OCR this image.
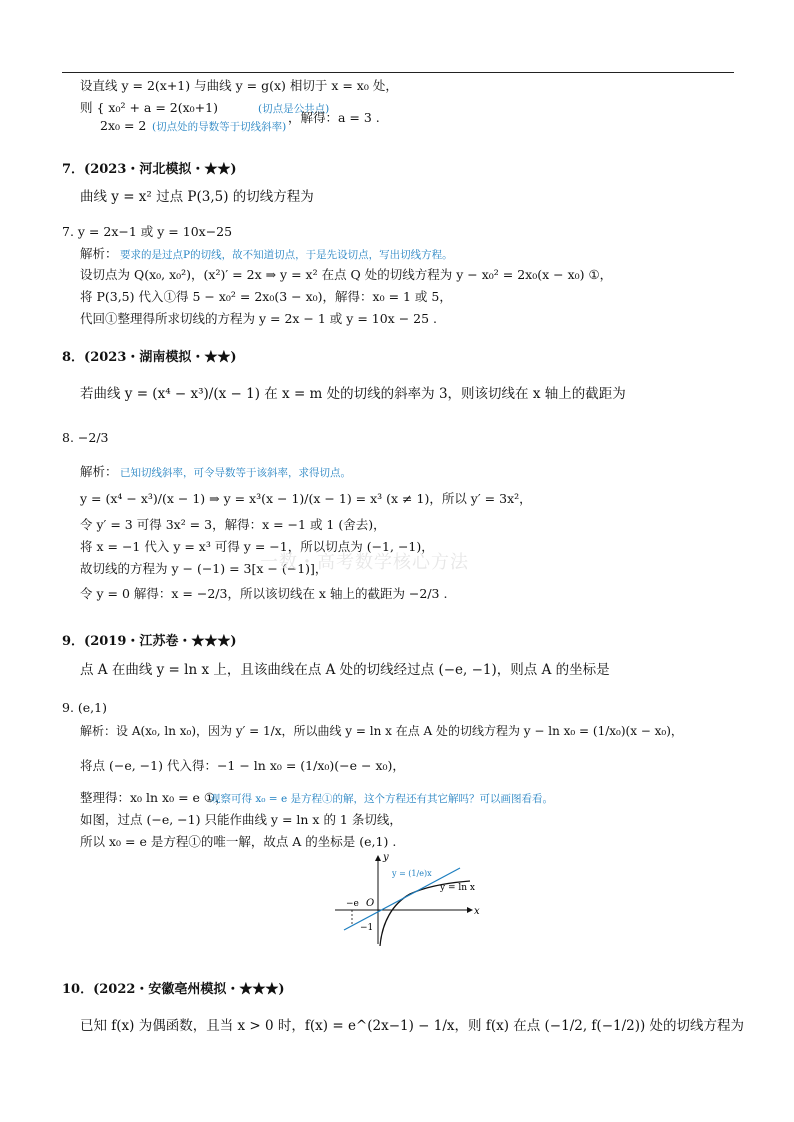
设直线 y = 2(x+1) 与曲线 y = g(x) 相切于 x = x₀ 处，
则 { x₀² + a = 2(x₀+1)	(切点是公共点)
2x₀ = 2 (切点处的导数等于切线斜率)
，解得：a = 3 .
7．(2023・河北模拟・★★)
曲线 y = x² 过点 P(3,5) 的切线方程为
7. y = 2x−1 或 y = 10x−25
解析： 要求的是过点P的切线，故不知道切点，于是先设切点，写出切线方程。
设切点为 Q(x₀, x₀²)，(x²)′ = 2x ⇒ y = x² 在点 Q 处的切线方程为 y − x₀² = 2x₀(x − x₀) ①，
将 P(3,5) 代入①得 5 − x₀² = 2x₀(3 − x₀)，解得：x₀ = 1 或 5，
代回①整理得所求切线的方程为 y = 2x − 1 或 y = 10x − 25 .
8．(2023・湖南模拟・★★)
若曲线 y = (x⁴ − x³)/(x − 1) 在 x = m 处的切线的斜率为 3，则该切线在 x 轴上的截距为
8. −2/3
解析： 已知切线斜率，可令导数等于该斜率，求得切点。
y = (x⁴ − x³)/(x − 1) ⇒ y = x³(x − 1)/(x − 1) = x³ (x ≠ 1)，所以 y′ = 3x²，
令 y′ = 3 可得 3x² = 3，解得：x = −1 或 1 (舍去)，
将 x = −1 代入 y = x³ 可得 y = −1，所以切点为 (−1, −1)，
故切线的方程为 y − (−1) = 3[x − (−1)]，
令 y = 0 解得：x = −2/3，所以该切线在 x 轴上的截距为 −2/3 .
一数・高考数学核心方法
9．(2019・江苏卷・★★★)
点 A 在曲线 y = ln x 上，且该曲线在点 A 处的切线经过点 (−e, −1)，则点 A 的坐标是
9. (e,1)
解析：设 A(x₀, ln x₀)，因为 y′ = 1/x，所以曲线 y = ln x 在点 A 处的切线方程为 y − ln x₀ = (1/x₀)(x − x₀)，
将点 (−e, −1) 代入得：−1 − ln x₀ = (1/x₀)(−e − x₀)，
整理得：x₀ ln x₀ = e ①，
观察可得 x₀ = e 是方程①的解，这个方程还有其它解吗？可以画图看看。
如图，过点 (−e, −1) 只能作曲线 y = ln x 的 1 条切线，
所以 x₀ = e 是方程①的唯一解，故点 A 的坐标是 (e,1) .
y
x
O
−e
−1
y = (1/e)x
y = ln x
10．(2022・安徽亳州模拟・★★★)
已知 f(x) 为偶函数，且当 x > 0 时，f(x) = e^(2x−1) − 1/x，则 f(x) 在点 (−1/2, f(−1/2)) 处的切线方程为
